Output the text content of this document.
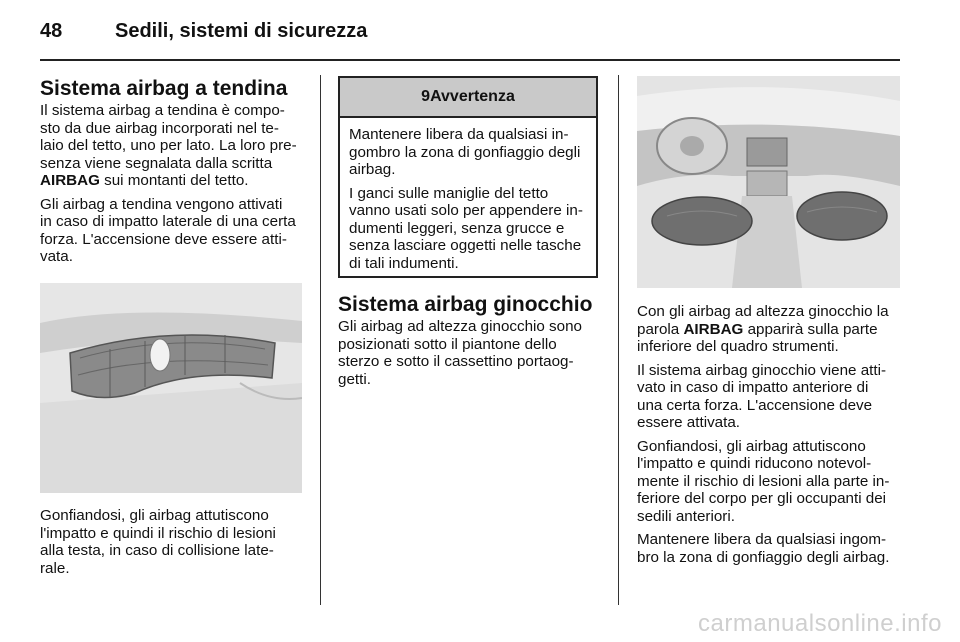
48	Sedili, sistemi di sicurezza
Sistema airbag a tendina

Il sistema airbag a tendina è compo-
sto da due airbag incorporati nel te-
laio del tetto, uno per lato. La loro pre-
senza viene segnalata dalla scritta
AIRBAG sui montanti del tetto.

Gli airbag a tendina vengono attivati
in caso di impatto laterale di una certa
forza. L'accensione deve essere atti-
vata.

Gonfiandosi, gli airbag attutiscono
l'impatto e quindi il rischio di lesioni
alla testa, in caso di collisione late-
rale.

9 Avvertenza

Mantenere libera da qualsiasi in-
gombro la zona di gonfiaggio degli
airbag.

I ganci sulle maniglie del tetto
vanno usati solo per appendere in-
dumenti leggeri, senza grucce e
senza lasciare oggetti nelle tasche
di tali indumenti.

Sistema airbag ginocchio

Gli airbag ad altezza ginocchio sono
posizionati sotto il piantone dello
sterzo e sotto il cassettino portaog-
getti.

Con gli airbag ad altezza ginocchio la
parola AIRBAG apparirà sulla parte
inferiore del quadro strumenti.

Il sistema airbag ginocchio viene atti-
vato in caso di impatto anteriore di
una certa forza. L'accensione deve
essere attivata.

Gonfiandosi, gli airbag attutiscono
l'impatto e quindi riducono notevol-
mente il rischio di lesioni alla parte in-
feriore del corpo per gli occupanti dei
sedili anteriori.

Mantenere libera da qualsiasi ingom-
bro la zona di gonfiaggio degli airbag.

carmanualsonline.info
